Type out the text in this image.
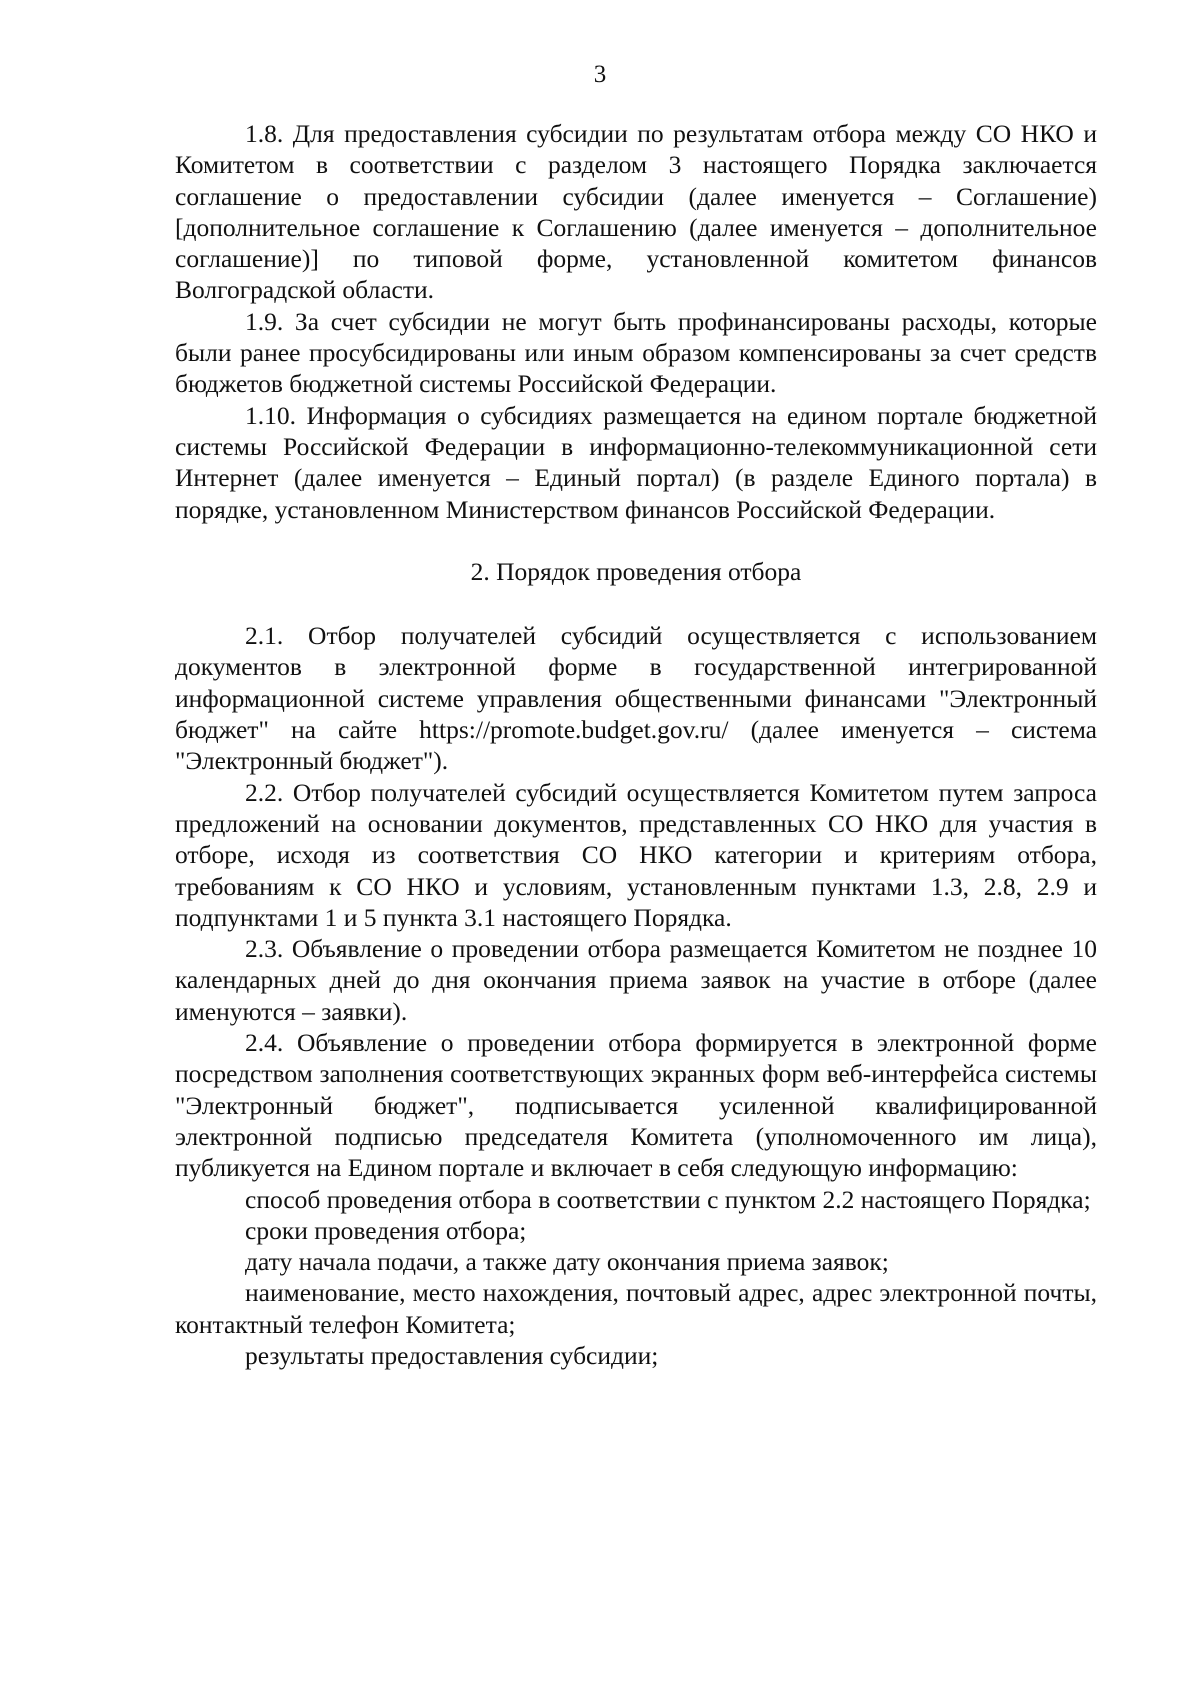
3

1.8. Для предоставления субсидии по результатам отбора между СО НКО и Комитетом в соответствии с разделом 3 настоящего Порядка заключается соглашение о предоставлении субсидии (далее именуется – Соглашение) [дополнительное соглашение к Соглашению (далее именуется – дополнительное соглашение)] по типовой форме, установленной комитетом финансов Волгоградской области.

1.9. За счет субсидии не могут быть профинансированы расходы, которые были ранее просубсидированы или иным образом компенсированы за счет средств бюджетов бюджетной системы Российской Федерации.

1.10. Информация о субсидиях размещается на едином портале бюджетной системы Российской Федерации в информационно-телекоммуникационной сети Интернет (далее именуется – Единый портал) (в разделе Единого портала) в порядке, установленном Министерством финансов Российской Федерации.

2. Порядок проведения отбора

2.1. Отбор получателей субсидий осуществляется с использованием документов в электронной форме в государственной интегрированной информационной системе управления общественными финансами "Электронный бюджет" на сайте https://promote.budget.gov.ru/ (далее именуется – система "Электронный бюджет").

2.2. Отбор получателей субсидий осуществляется Комитетом путем запроса предложений на основании документов, представленных СО НКО для участия в отборе, исходя из соответствия СО НКО категории и критериям отбора, требованиям к СО НКО и условиям, установленным пунктами 1.3, 2.8, 2.9 и подпунктами 1 и 5 пункта 3.1 настоящего Порядка.

2.3. Объявление о проведении отбора размещается Комитетом не позднее 10 календарных дней до дня окончания приема заявок на участие в отборе (далее именуются – заявки).

2.4. Объявление о проведении отбора формируется в электронной форме посредством заполнения соответствующих экранных форм веб-интерфейса системы "Электронный бюджет", подписывается усиленной квалифицированной электронной подписью председателя Комитета (уполномоченного им лица), публикуется на Едином портале и включает в себя следующую информацию:

способ проведения отбора в соответствии с пунктом 2.2 настоящего Порядка;

сроки проведения отбора;

дату начала подачи, а также дату окончания приема заявок;

наименование, место нахождения, почтовый адрес, адрес электронной почты, контактный телефон Комитета;

результаты предоставления субсидии;
